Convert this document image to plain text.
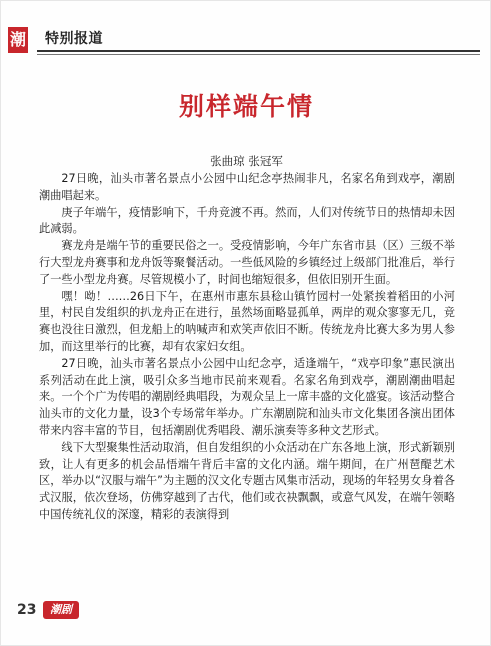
潮 特别报道
别样端午情
张曲琼 张冠军

27日晚，汕头市著名景点小公园中山纪念亭热闹非凡，名家名角到戏亭，潮剧潮曲唱起来。

庚子年端午，疫情影响下，千舟竞渡不再。然而，人们对传统节日的热情却未因此减弱。

赛龙舟是端午节的重要民俗之一。受疫情影响，今年广东省市县（区）三级不举行大型龙舟赛事和龙舟饭等聚餐活动。一些低风险的乡镇经过上级部门批准后，举行了一些小型龙舟赛。尽管规模小了，时间也缩短很多，但依旧别开生面。

嘿！呦！……26日下午，在惠州市惠东县稔山镇竹园村一处紧挨着稻田的小河里，村民自发组织的扒龙舟正在进行，虽然场面略显孤单，两岸的观众寥寥无几，竞赛也没往日激烈，但龙船上的呐喊声和欢笑声依旧不断。传统龙舟比赛大多为男人参加，而这里举行的比赛，却有农家妇女组。

27日晚，汕头市著名景点小公园中山纪念亭，适逢端午，“戏亭印象”惠民演出系列活动在此上演，吸引众多当地市民前来观看。名家名角到戏亭，潮剧潮曲唱起来。一个个广为传唱的潮剧经典唱段，为观众呈上一席丰盛的文化盛宴。该活动整合汕头市的文化力量，设3个专场常年举办。广东潮剧院和汕头市文化集团各演出团体带来内容丰富的节目，包括潮剧优秀唱段、潮乐演奏等多种文艺形式。

线下大型聚集性活动取消，但自发组织的小众活动在广东各地上演，形式新颖别致，让人有更多的机会品悟端午背后丰富的文化内涵。端午期间，在广州琶醍艺术区，举办以“汉服与端午”为主题的汉文化专题古风集市活动，现场的年轻男女身着各式汉服，依次登场，仿佛穿越到了古代，他们或衣袂飘飘，或意气风发，在端午领略中国传统礼仪的深邃，精彩的表演得到

23	潮剧
